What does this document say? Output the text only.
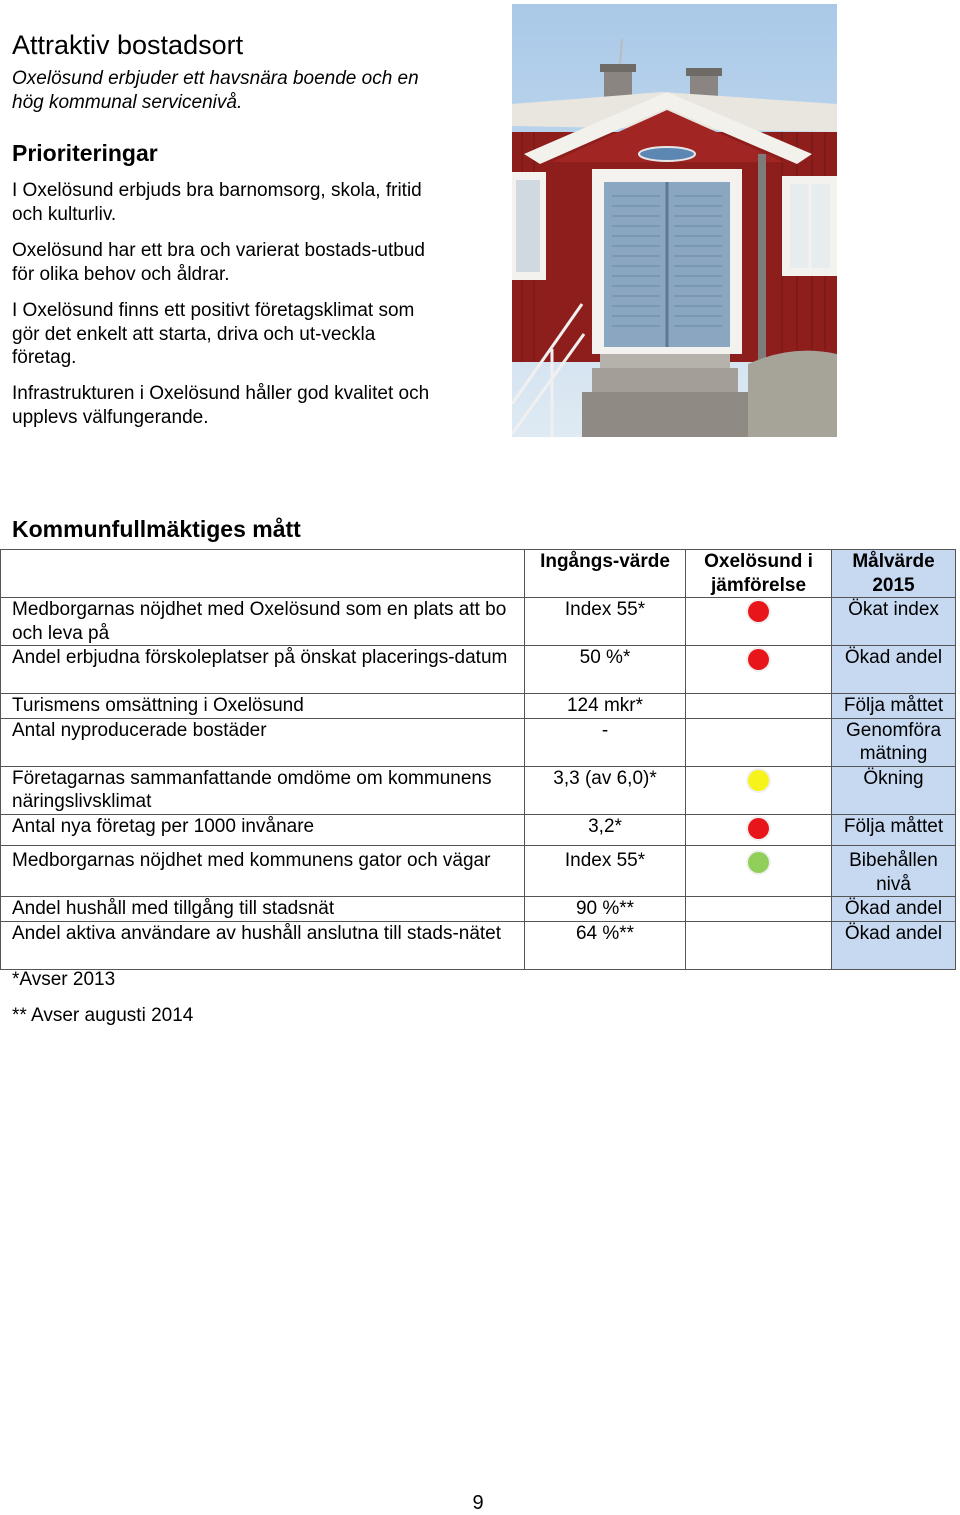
Attraktiv bostadsort
Oxelösund erbjuder ett havsnära boende och en hög kommunal servicenivå.
Prioriteringar
I Oxelösund erbjuds bra barnomsorg, skola, fritid och kulturliv.
Oxelösund har ett bra och varierat bostads-utbud för olika behov och åldrar.
I Oxelösund finns ett positivt företagsklimat som gör det enkelt att starta, driva och ut-veckla företag.
Infrastrukturen i Oxelösund håller god kvalitet och upplevs välfungerande.
Kommunfullmäktiges mått
	Ingångs-värde	Oxelösund i jämförelse	Målvärde 2015
Medborgarnas nöjdhet med Oxelösund som en plats att bo och leva på	Index 55*		Ökat index
Andel erbjudna förskoleplatser på önskat placerings-datum	50 %*		Ökad andel
Turismens omsättning i Oxelösund	124 mkr*		Följa måttet
Antal nyproducerade bostäder	-		Genomföra mätning
Företagarnas sammanfattande omdöme om kommunens näringslivsklimat	3,3 (av 6,0)*		Ökning
Antal nya företag per 1000 invånare	3,2*		Följa måttet
Medborgarnas nöjdhet med kommunens gator och vägar	Index 55*		Bibehållen nivå
Andel hushåll med tillgång till stadsnät	90 %**		Ökad andel
Andel aktiva användare av hushåll anslutna till stads-nätet	64 %**		Ökad andel
*Avser 2013
** Avser augusti 2014
9
